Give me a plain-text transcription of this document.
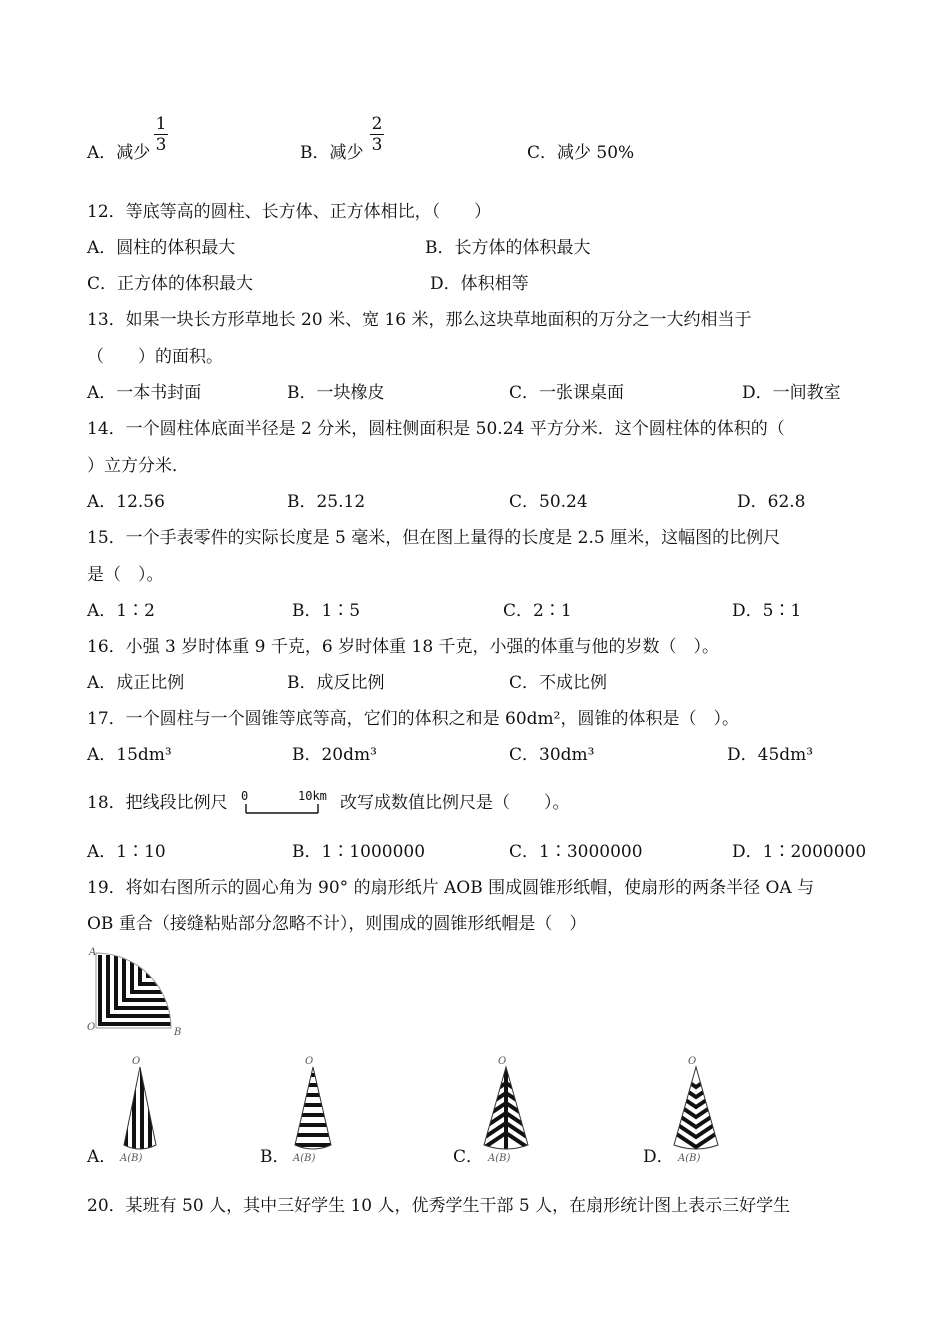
A．减少
1
3	B．减少
2
3	C．减少 50%
12．等底等高的圆柱、长方体、正方体相比，（　　）
A．圆柱的体积最大	B．长方体的体积最大
C．正方体的体积最大	D．体积相等
13．如果一块长方形草地长 20 米、宽 16 米，那么这块草地面积的万分之一大约相当于
（　　）的面积。
A．一本书封面	B．一块橡皮	C．一张课桌面	D．一间教室
14．一个圆柱体底面半径是 2 分米，圆柱侧面积是 50.24 平方分米．这个圆柱体的体积的（
）立方分米．
A．12.56	B．25.12	C．50.24	D．62.8
15．一个手表零件的实际长度是 5 毫米，但在图上量得的长度是 2.5 厘米，这幅图的比例尺
是（　）。
A．1∶2	B．1∶5	C．2∶1	D．5∶1
16．小强 3 岁时体重 9 千克，6 岁时体重 18 千克，小强的体重与他的岁数（　）。
A．成正比例	B．成反比例	C．不成比例
17．一个圆柱与一个圆锥等底等高，它们的体积之和是 60dm²，圆锥的体积是（　）。
A．15dm³	B．20dm³	C．30dm³	D．45dm³
18．把线段比例尺 0	10km 改写成数值比例尺是（　　）。
A．1∶10	B．1∶1000000	C．1∶3000000	D．1∶2000000
19．将如右图所示的圆心角为 90° 的扇形纸片 AOB 围成圆锥形纸帽，使扇形的两条半径 OA 与
OB 重合（接缝粘贴部分忽略不计），则围成的圆锥形纸帽是（　）
A
O	B
A．
O
A(B)	B．
O
A(B)	C．
O
A(B)	D．
O
A(B)
20．某班有 50 人，其中三好学生 10 人，优秀学生干部 5 人，在扇形统计图上表示三好学生
